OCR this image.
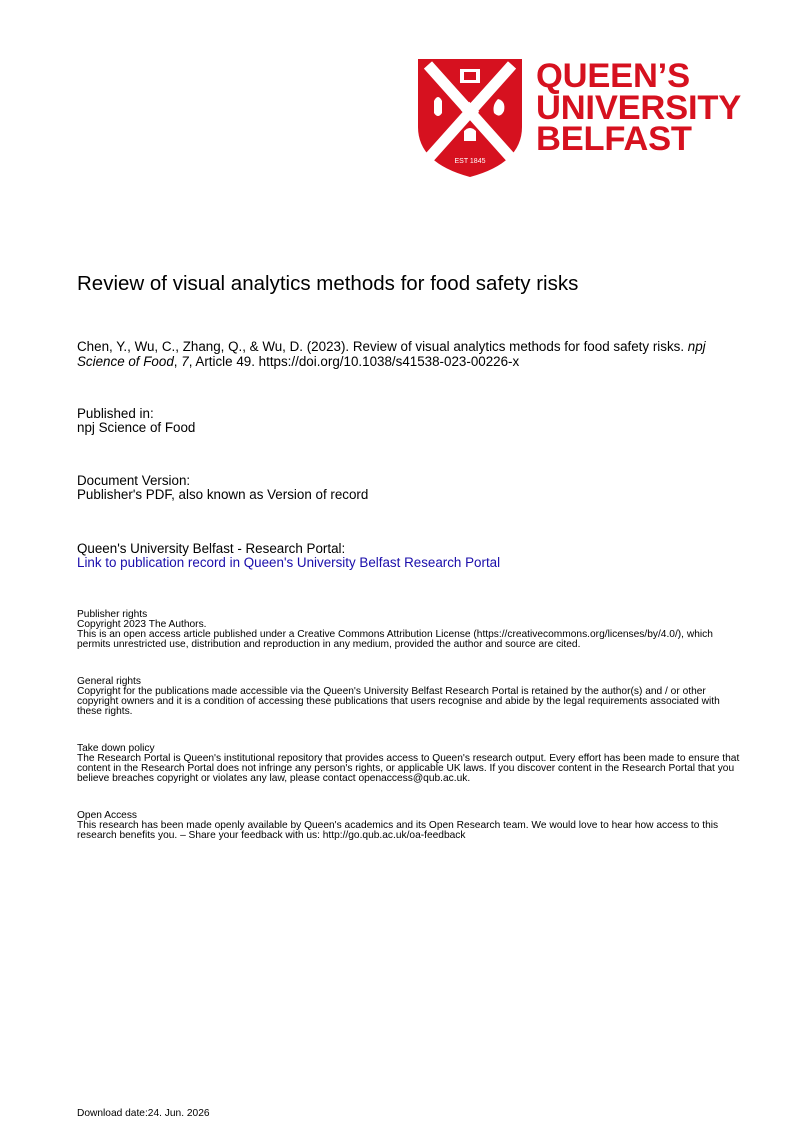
EST 1845
QUEEN’S
UNIVERSITY
BELFAST
Review of visual analytics methods for food safety risks
Chen, Y., Wu, C., Zhang, Q., & Wu, D. (2023). Review of visual analytics methods for food safety risks. npj Science of Food, 7, Article 49. https://doi.org/10.1038/s41538-023-00226-x
Published in:
npj Science of Food
Document Version:
Publisher's PDF, also known as Version of record
Queen's University Belfast - Research Portal:
Link to publication record in Queen's University Belfast Research Portal
Publisher rights

Copyright 2023 The Authors.

This is an open access article published under a Creative Commons Attribution License (https://creativecommons.org/licenses/by/4.0/), which permits unrestricted use, distribution and reproduction in any medium, provided the author and source are cited.

General rights
Copyright for the publications made accessible via the Queen's University Belfast Research Portal is retained by the author(s) and / or other copyright owners and it is a condition of accessing these publications that users recognise and abide by the legal requirements associated with these rights.
Take down policy
The Research Portal is Queen's institutional repository that provides access to Queen's research output. Every effort has been made to ensure that content in the Research Portal does not infringe any person's rights, or applicable UK laws. If you discover content in the Research Portal that you believe breaches copyright or violates any law, please contact openaccess@qub.ac.uk.
Open Access
This research has been made openly available by Queen's academics and its Open Research team. We would love to hear how access to this research benefits you. – Share your feedback with us: http://go.qub.ac.uk/oa-feedback
Download date:24. Jun. 2026
